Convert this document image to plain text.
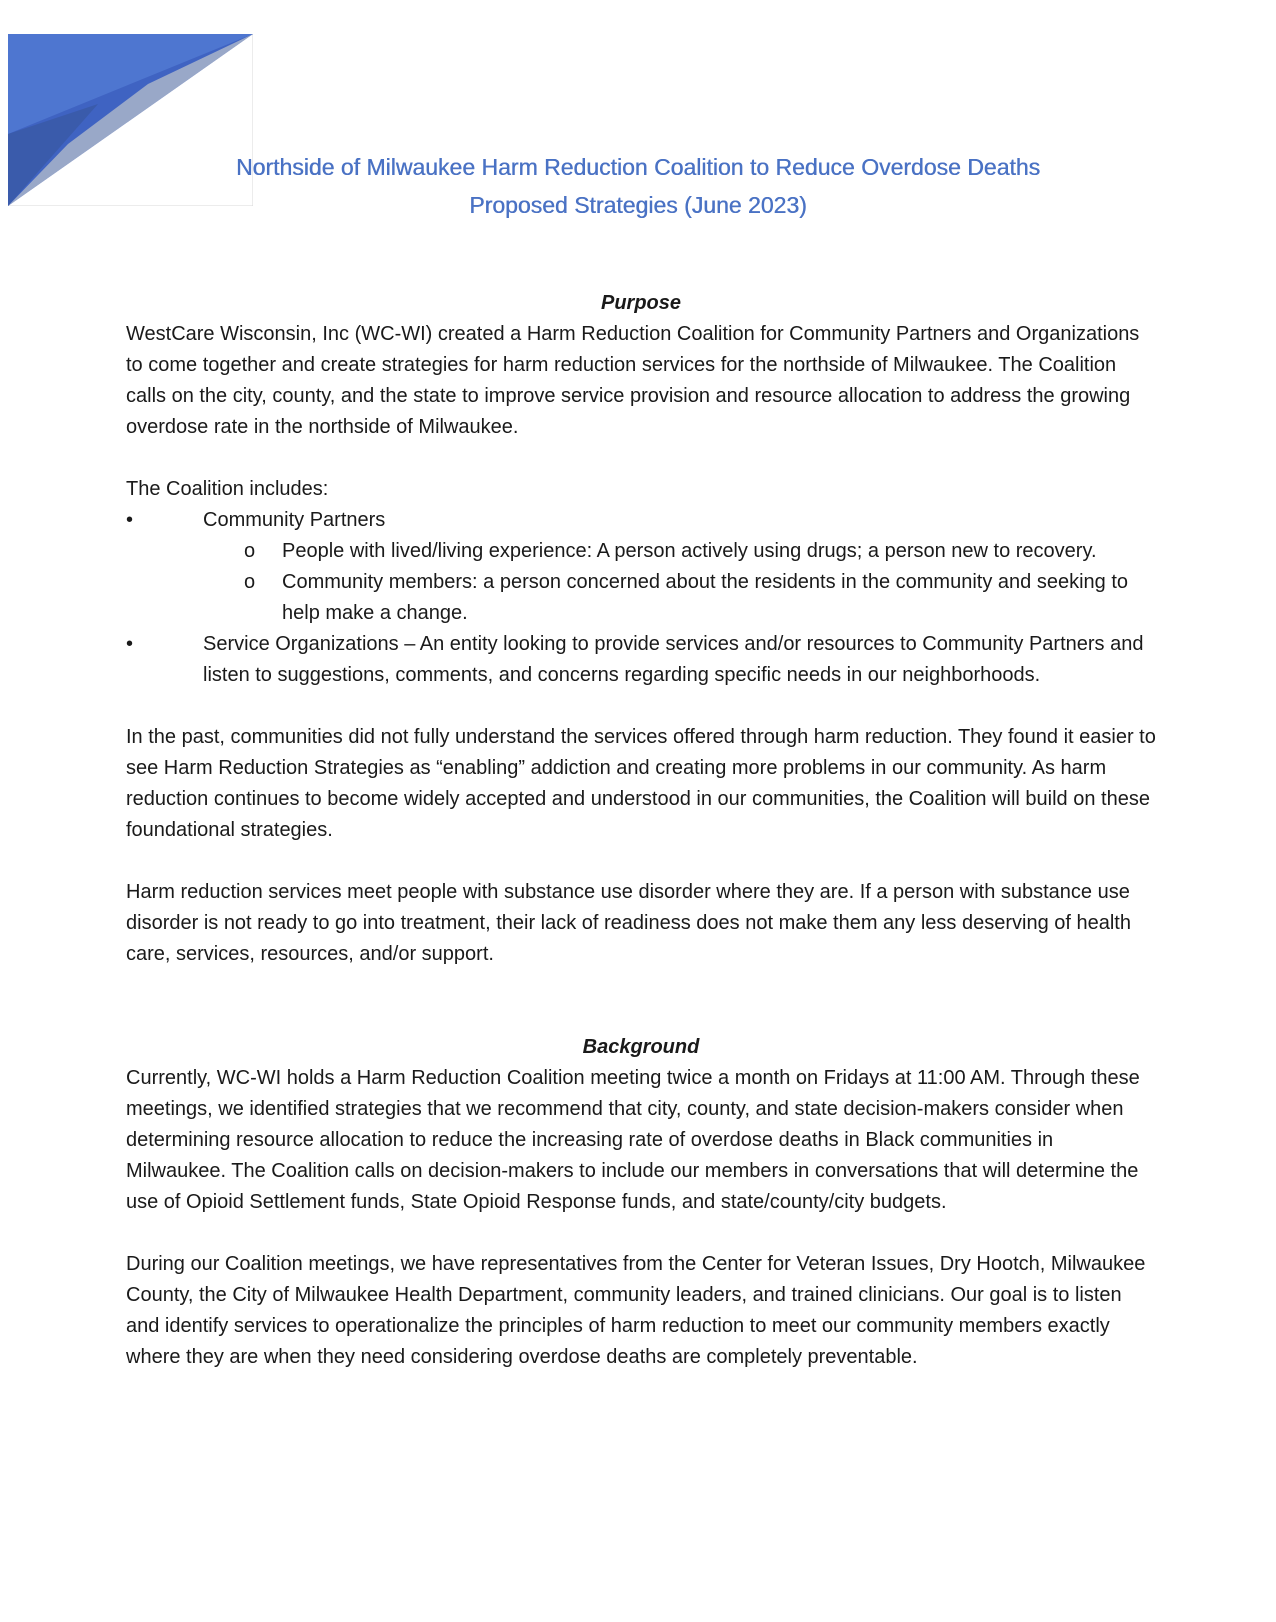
Northside of Milwaukee Harm Reduction Coalition to Reduce Overdose Deaths
Proposed Strategies (June 2023)

Purpose

WestCare Wisconsin, Inc (WC-WI) created a Harm Reduction Coalition for Community Partners and Organizations to come together and create strategies for harm reduction services for the northside of Milwaukee. The Coalition calls on the city, county, and the state to improve service provision and resource allocation to address the growing overdose rate in the northside of Milwaukee.

The Coalition includes:

•	Community Partners
o People with lived/living experience: A person actively using drugs; a person new to recovery.
o Community members: a person concerned about the residents in the community and seeking to help make a change.
•	Service Organizations – An entity looking to provide services and/or resources to Community Partners and listen to suggestions, comments, and concerns regarding specific needs in our neighborhoods.

In the past, communities did not fully understand the services offered through harm reduction. They found it easier to see Harm Reduction Strategies as “enabling” addiction and creating more problems in our community. As harm reduction continues to become widely accepted and understood in our communities, the Coalition will build on these foundational strategies.

Harm reduction services meet people with substance use disorder where they are. If a person with substance use disorder is not ready to go into treatment, their lack of readiness does not make them any less deserving of health care, services, resources, and/or support.

Background

Currently, WC-WI holds a Harm Reduction Coalition meeting twice a month on Fridays at 11:00 AM. Through these meetings, we identified strategies that we recommend that city, county, and state decision-makers consider when determining resource allocation to reduce the increasing rate of overdose deaths in Black communities in Milwaukee. The Coalition calls on decision-makers to include our members in conversations that will determine the use of Opioid Settlement funds, State Opioid Response funds, and state/county/city budgets.

During our Coalition meetings, we have representatives from the Center for Veteran Issues, Dry Hootch, Milwaukee County, the City of Milwaukee Health Department, community leaders, and trained clinicians. Our goal is to listen and identify services to operationalize the principles of harm reduction to meet our community members exactly where they are when they need considering overdose deaths are completely preventable.
